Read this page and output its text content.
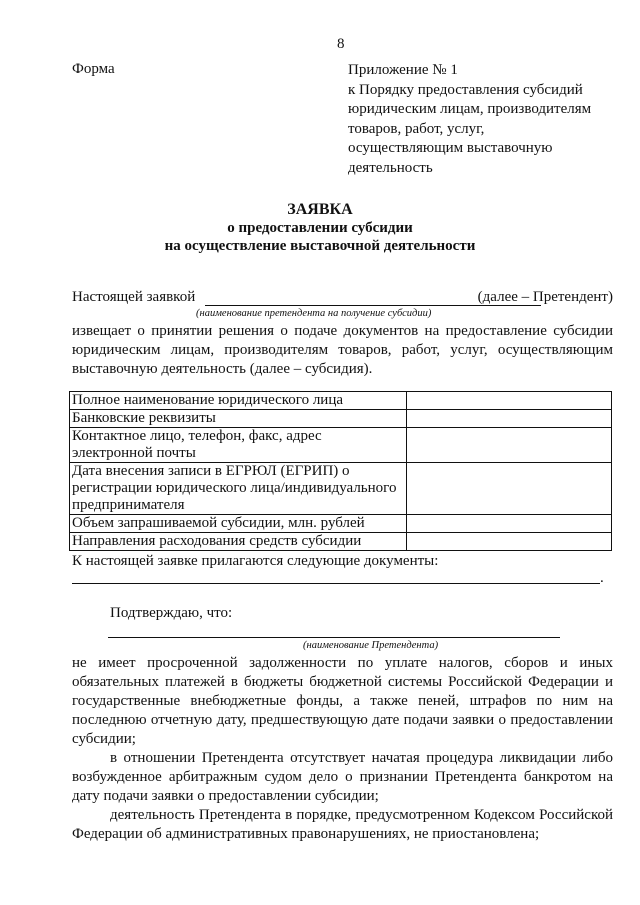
8
Форма	Приложение № 1
к Порядку предоставления субсидий
юридическим лицам, производителям
товаров, работ, услуг,
осуществляющим выставочную
деятельность
ЗАЯВКА
о предоставлении субсидии
на осуществление выставочной деятельности
Настоящей заявкой	(далее – Претендент)
(наименование претендента на получение субсидии)
извещает о принятии решения о подаче документов на предоставление субсидии юридическим лицам, производителям товаров, работ, услуг, осуществляющим выставочную деятельность (далее – субсидия).
Полное наименование юридического лица	
Банковские реквизиты	
Контактное лицо, телефон, факс, адрес электронной почты	
Дата внесения записи в ЕГРЮЛ (ЕГРИП) о регистрации юридического лица/индивидуального предпринимателя	
Объем запрашиваемой субсидии, млн. рублей	
Направления расходования средств субсидии	
К настоящей заявке прилагаются следующие документы:
.
Подтверждаю, что:
(наименование Претендента)

не имеет просроченной задолженности по уплате налогов, сборов и иных обязательных платежей в бюджеты бюджетной системы Российской Федерации и государственные внебюджетные фонды, а также пеней, штрафов по ним на последнюю отчетную дату, предшествующую дате подачи заявки о предоставлении субсидии;

в отношении Претендента отсутствует начатая процедура ликвидации либо возбужденное арбитражным судом дело о признании Претендента банкротом на дату подачи заявки о предоставлении субсидии;

деятельность Претендента в порядке, предусмотренном Кодексом Российской Федерации об административных правонарушениях, не приостановлена;
